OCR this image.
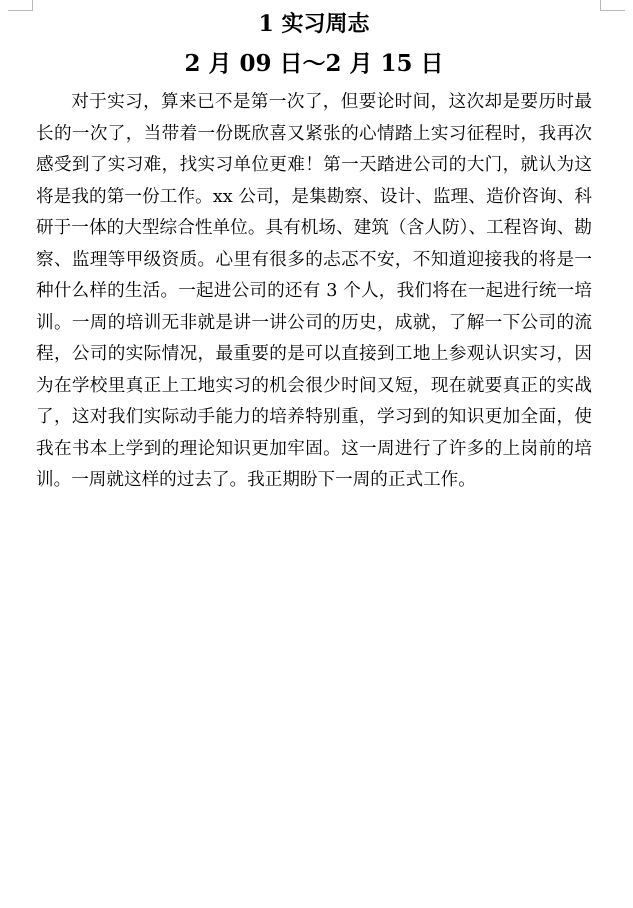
1 实习周志
2 月 09 日～2 月 15 日

对于实习，算来已不是第一次了，但要论时间，这次却是要历时最长的一次了，当带着一份既欣喜又紧张的心情踏上实习征程时，我再次感受到了实习难，找实习单位更难！第一天踏进公司的大门，就认为这将是我的第一份工作。xx 公司，是集勘察、设计、监理、造价咨询、科研于一体的大型综合性单位。具有机场、建筑（含人防）、工程咨询、勘察、监理等甲级资质。心里有很多的忐忑不安，不知道迎接我的将是一种什么样的生活。一起进公司的还有 3 个人，我们将在一起进行统一培训。一周的培训无非就是讲一讲公司的历史，成就，了解一下公司的流程，公司的实际情况，最重要的是可以直接到工地上参观认识实习，因为在学校里真正上工地实习的机会很少时间又短，现在就要真正的实战了，这对我们实际动手能力的培养特别重，学习到的知识更加全面，使我在书本上学到的理论知识更加牢固。这一周进行了许多的上岗前的培训。一周就这样的过去了。我正期盼下一周的正式工作。
